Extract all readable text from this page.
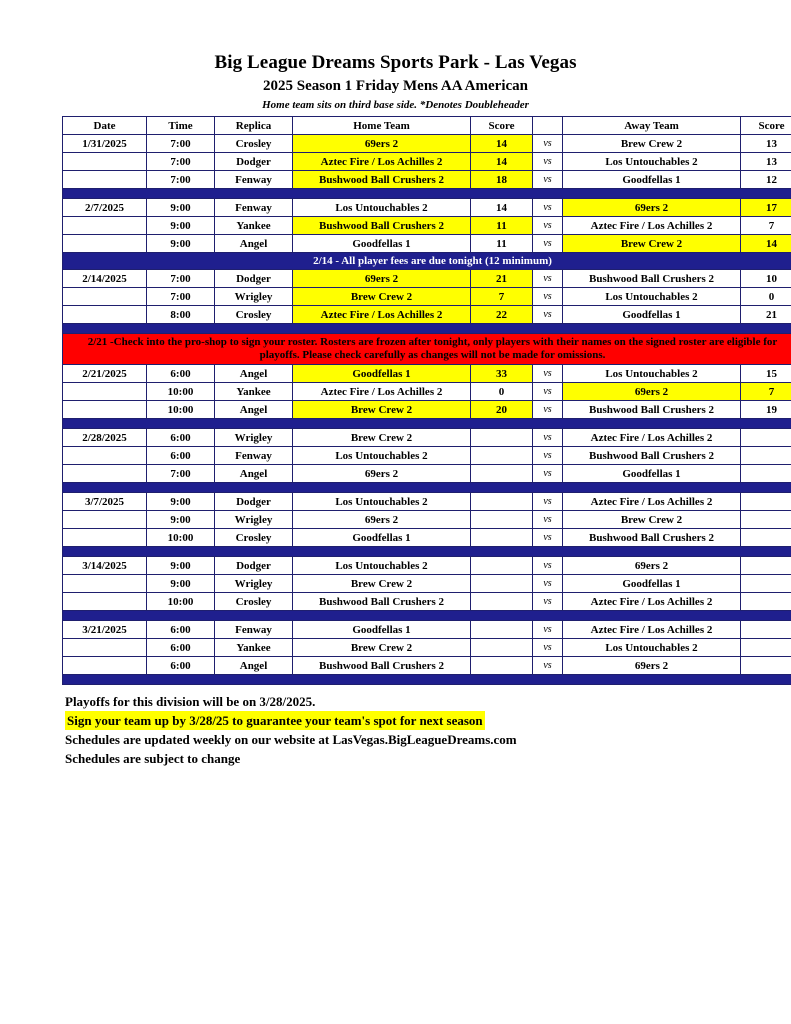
Big League Dreams Sports Park - Las Vegas
2025 Season 1 Friday Mens AA American
Home team sits on third base side. *Denotes Doubleheader
Date	Time	Replica	Home Team	Score		Away Team	Score
1/31/2025	7:00	Crosley	69ers 2	14	vs	Brew Crew 2	13
	7:00	Dodger	Aztec Fire / Los Achilles 2	14	vs	Los Untouchables 2	13
	7:00	Fenway	Bushwood Ball Crushers 2	18	vs	Goodfellas 1	12

2/7/2025	9:00	Fenway	Los Untouchables 2	14	vs	69ers 2	17
	9:00	Yankee	Bushwood Ball Crushers 2	11	vs	Aztec Fire / Los Achilles 2	7
	9:00	Angel	Goodfellas 1	11	vs	Brew Crew 2	14
2/14 - All player fees are due tonight (12 minimum)							
2/14/2025	7:00	Dodger	69ers 2	21	vs	Bushwood Ball Crushers 2	10
	7:00	Wrigley	Brew Crew 2	7	vs	Los Untouchables 2	0
	8:00	Crosley	Aztec Fire / Los Achilles 2	22	vs	Goodfellas 1	21

2/21 -Check into the pro-shop to sign your roster. Rosters are frozen after tonight, only players with their names on the signed roster are eligible for playoffs. Please check carefully as changes will not be made for omissions.							
2/21/2025	6:00	Angel	Goodfellas 1	33	vs	Los Untouchables 2	15
	10:00	Yankee	Aztec Fire / Los Achilles 2	0	vs	69ers 2	7
	10:00	Angel	Brew Crew 2	20	vs	Bushwood Ball Crushers 2	19

2/28/2025	6:00	Wrigley	Brew Crew 2		vs	Aztec Fire / Los Achilles 2	
	6:00	Fenway	Los Untouchables 2		vs	Bushwood Ball Crushers 2	
	7:00	Angel	69ers 2		vs	Goodfellas 1	

3/7/2025	9:00	Dodger	Los Untouchables 2		vs	Aztec Fire / Los Achilles 2	
	9:00	Wrigley	69ers 2		vs	Brew Crew 2	
	10:00	Crosley	Goodfellas 1		vs	Bushwood Ball Crushers 2	

3/14/2025	9:00	Dodger	Los Untouchables 2		vs	69ers 2	
	9:00	Wrigley	Brew Crew 2		vs	Goodfellas 1	
	10:00	Crosley	Bushwood Ball Crushers 2		vs	Aztec Fire / Los Achilles 2	

3/21/2025	6:00	Fenway	Goodfellas 1		vs	Aztec Fire / Los Achilles 2	
	6:00	Yankee	Brew Crew 2		vs	Los Untouchables 2	
	6:00	Angel	Bushwood Ball Crushers 2		vs	69ers 2	

Playoffs for this division will be on 3/28/2025.
Sign your team up by 3/28/25 to guarantee your team's spot for next season
Schedules are updated weekly on our website at LasVegas.BigLeagueDreams.com
Schedules are subject to change
